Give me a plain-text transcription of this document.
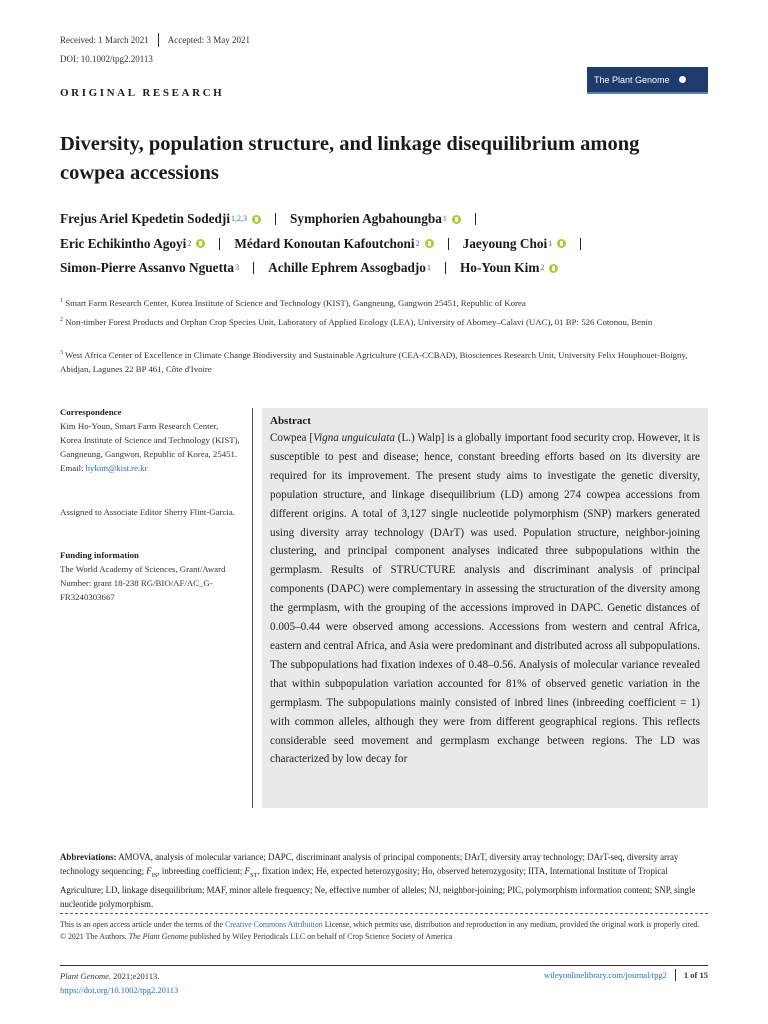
Received: 1 March 2021 Accepted: 3 May 2021
DOI: 10.1002/tpg2.20113
ORIGINAL RESEARCH
The Plant Genome
Diversity, population structure, and linkage disequilibrium among cowpea accessions
Frejus Ariel Kpedetin Sodedji 1,2,3	Symphorien Agbahoungba 1
Eric Echikintho Agoyi 2	Médard Konoutan Kafoutchoni 2	Jaeyoung Choi 1
Simon-Pierre Assanvo Nguetta 3 Achille Ephrem Assogbadjo 1 Ho-Youn Kim 2
$^1$ Smart Farm Research Center, Korea Institute of Science and Technology (KIST), Gangneung, Gangwon 25451, Republic of Korea
$^2$ Non-timber Forest Products and Orphan Crop Species Unit, Laboratory of Applied Ecology (LEA), University of Abomey–Calavi (UAC), 01 BP: 526 Cotonou, Benin
$^3$ West Africa Center of Excellence in Climate Change Biodiversity and Sustainable Agriculture (CEA-CCBAD), Biosciences Research Unit, University Felix Houphouet-Boigny, Abidjan, Lagunes 22 BP 461, Côte d'Ivoire
Correspondence
Kim Ho-Youn, Smart Farm Research Center, Korea Institute of Science and Technology (KIST), Gangneung, Gangwon, Republic of Korea, 25451.
Email: hykim@kist.re.kr
Assigned to Associate Editor Sherry Flint-Garcia.
Funding information
The World Academy of Sciences, Grant/Award Number: grant 18-238 RG/BIO/AF/AC_G-FR3240303667
Abstract
Cowpea [Vigna unguiculata (L.) Walp] is a globally important food security crop. However, it is susceptible to pest and disease; hence, constant breeding efforts based on its diversity are required for its improvement. The present study aims to investigate the genetic diversity, population structure, and linkage disequilibrium (LD) among 274 cowpea accessions from different origins. A total of 3,127 single nucleotide polymorphism (SNP) markers generated using diversity array technology (DArT) was used. Population structure, neighbor-joining clustering, and principal component analyses indicated three subpopulations within the germplasm. Results of STRUCTURE analysis and discriminant analysis of principal components (DAPC) were complementary in assessing the structuration of the diversity among the germplasm, with the grouping of the accessions improved in DAPC. Genetic distances of 0.005–0.44 were observed among accessions. Accessions from western and central Africa, eastern and central Africa, and Asia were predominant and distributed across all subpopulations. The subpopulations had fixation indexes of 0.48–0.56. Analysis of molecular variance revealed that within subpopulation variation accounted for 81% of observed genetic variation in the germplasm. The subpopulations mainly consisted of inbred lines (inbreeding coefficient = 1) with common alleles, although they were from different geographical regions. This reflects considerable seed movement and germplasm exchange between regions. The LD was characterized by low decay for
Abbreviations: AMOVA, analysis of molecular variance; DAPC, discriminant analysis of principal components; DArT, diversity array technology; DArT-seq, diversity array technology sequencing; $F_{IS}$, inbreeding coefficient; $F_{ST}$, fixation index; He, expected heterozygosity; Ho, observed heterozygosity; IITA, International Institute of Tropical Agriculture; LD, linkage disequilibrium; MAF, minor allele frequency; Ne, effective number of alleles; NJ, neighbor-joining; PIC, polymorphism information content; SNP, single nucleotide polymorphism.
This is an open access article under the terms of the Creative Commons Attribution License, which permits use, distribution and reproduction in any medium, provided the original work is properly cited.
© 2021 The Authors. The Plant Genome published by Wiley Periodicals LLC on behalf of Crop Science Society of America
Plant Genome. 2021;e20113.
https://doi.org/10.1002/tpg2.20113
wileyonlinelibrary.com/journal/tpg2 1 of 15
